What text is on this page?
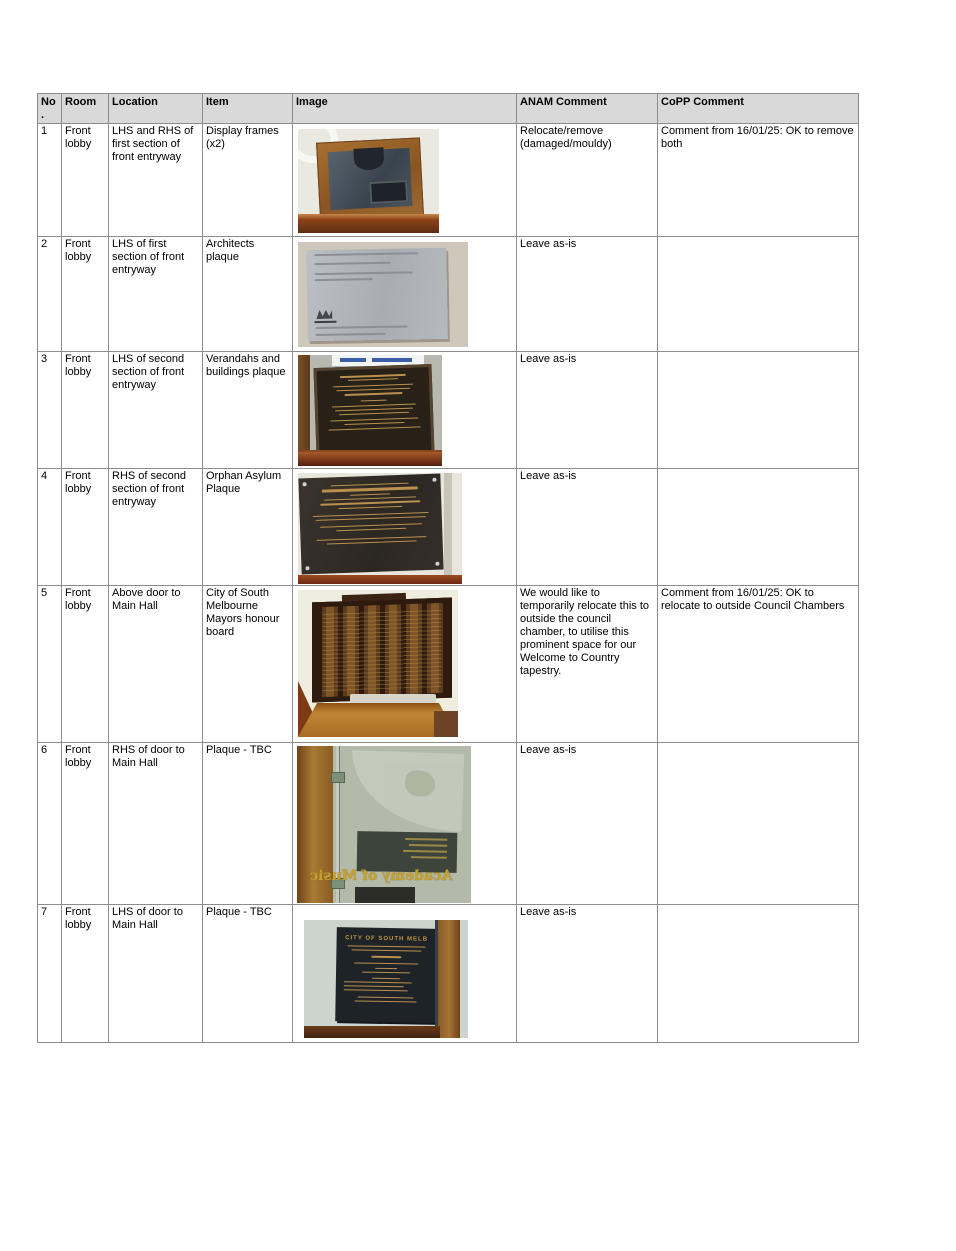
No.	Room	Location	Item	Image	ANAM Comment	CoPP Comment
1	Front lobby	LHS and RHS of first section of front entryway	Display frames (x2)		Relocate/remove (damaged/mouldy)	Comment from 16/01/25: OK to remove both
2	Front lobby	LHS of first section of front entryway	Architects plaque		Leave as-is	
3	Front lobby	LHS of second section of front entryway	Verandahs and buildings plaque		Leave as-is	
4	Front lobby	RHS of second section of front entryway	Orphan Asylum Plaque		Leave as-is	
5	Front lobby	Above door to Main Hall	City of South Melbourne Mayors honour board		We would like to temporarily relocate this to outside the council chamber, to utilise this prominent space for our Welcome to Country tapestry.	Comment from 16/01/25: OK to relocate to outside Council Chambers
6	Front lobby	RHS of door to Main Hall	Plaque - TBC	Academy of Music	Leave as-is	
7	Front lobby	LHS of door to Main Hall	Plaque - TBC	CITY OF SOUTH MELB	Leave as-is	
